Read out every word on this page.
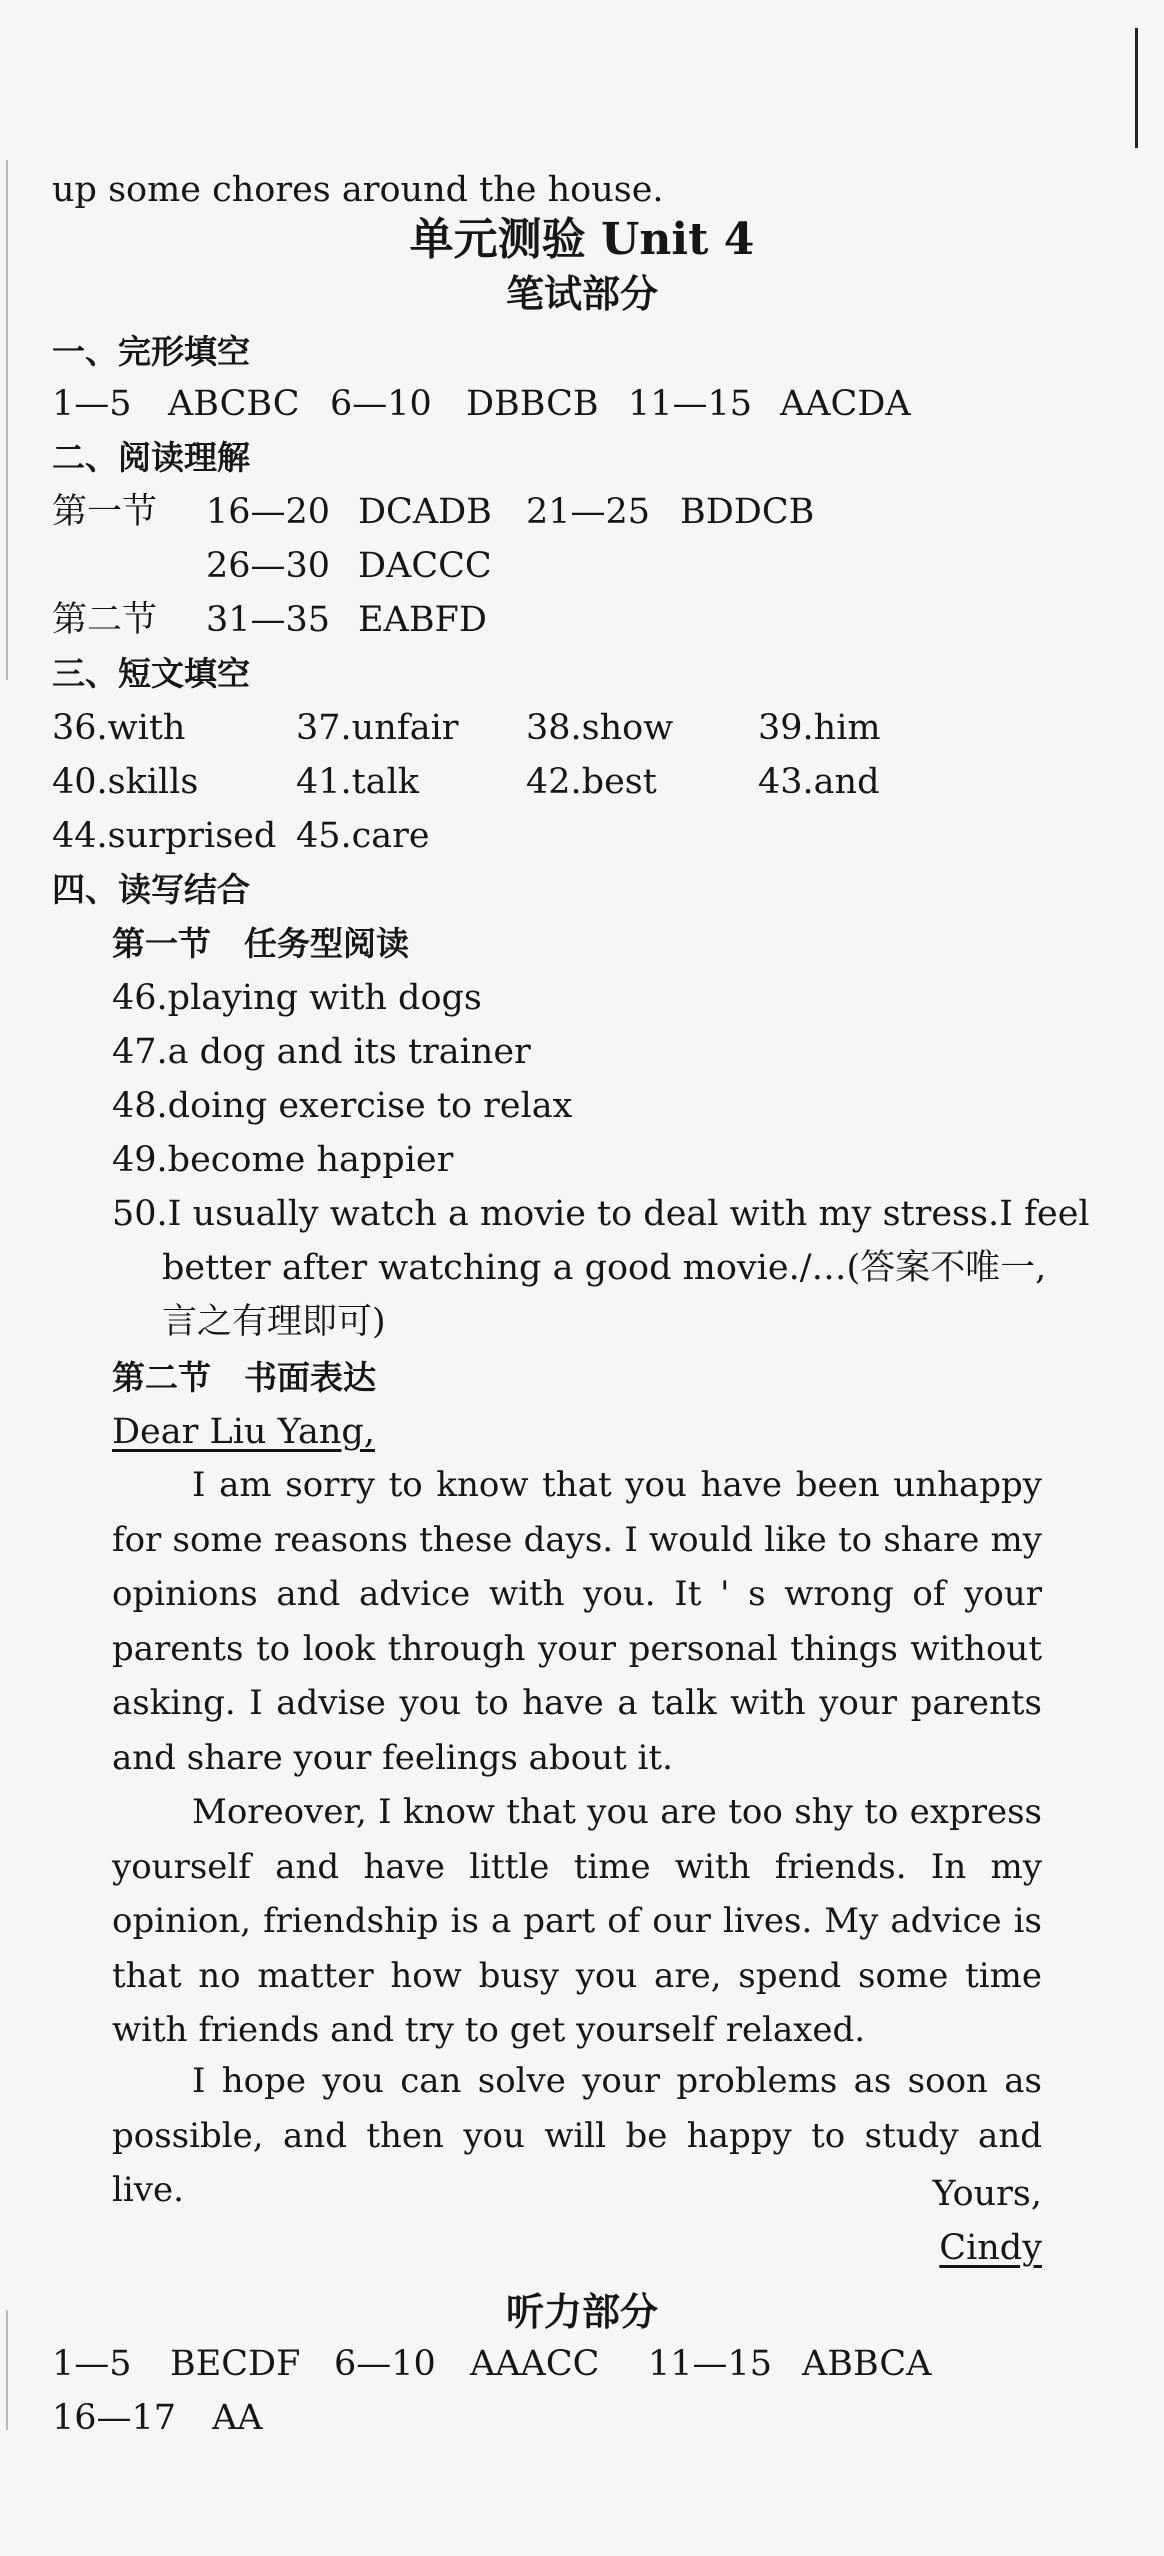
up some chores around the house.
单元测验 Unit 4
笔试部分
一、完形填空
1—5 ABCBC 6—10 DBBCB 11—15 AACDA
二、阅读理解
第一节 16—20 DCADB 21—25 BDDCB
26—30 DACCC
第二节 31—35 EABFD
三、短文填空
36.with	37.unfair 38.show 39.him
40.skills	41.talk	42.best	43.and
44.surprised 45.care
四、读写结合
第一节　任务型阅读
46.playing with dogs
47.a dog and its trainer
48.doing exercise to relax
49.become happier
50.I usually watch a movie to deal with my stress.I feel
better after watching a good movie./…(答案不唯一,
言之有理即可)
第二节　书面表达
Dear Liu Yang,
I am sorry to know that you have been unhappy for some reasons these days. I would like to share my opinions and advice with you. It ' s wrong of your parents to look through your personal things without asking. I advise you to have a talk with your parents and share your feelings about it.
Moreover, I know that you are too shy to express yourself and have little time with friends. In my opinion, friendship is a part of our lives. My advice is that no matter how busy you are, spend some time with friends and try to get yourself relaxed.
I hope you can solve your problems as soon as possible, and then you will be happy to study and live.	Yours,
Cindy
听力部分
1—5 BECDF 6—10 AAACC 11—15 ABBCA
16—17 AA
